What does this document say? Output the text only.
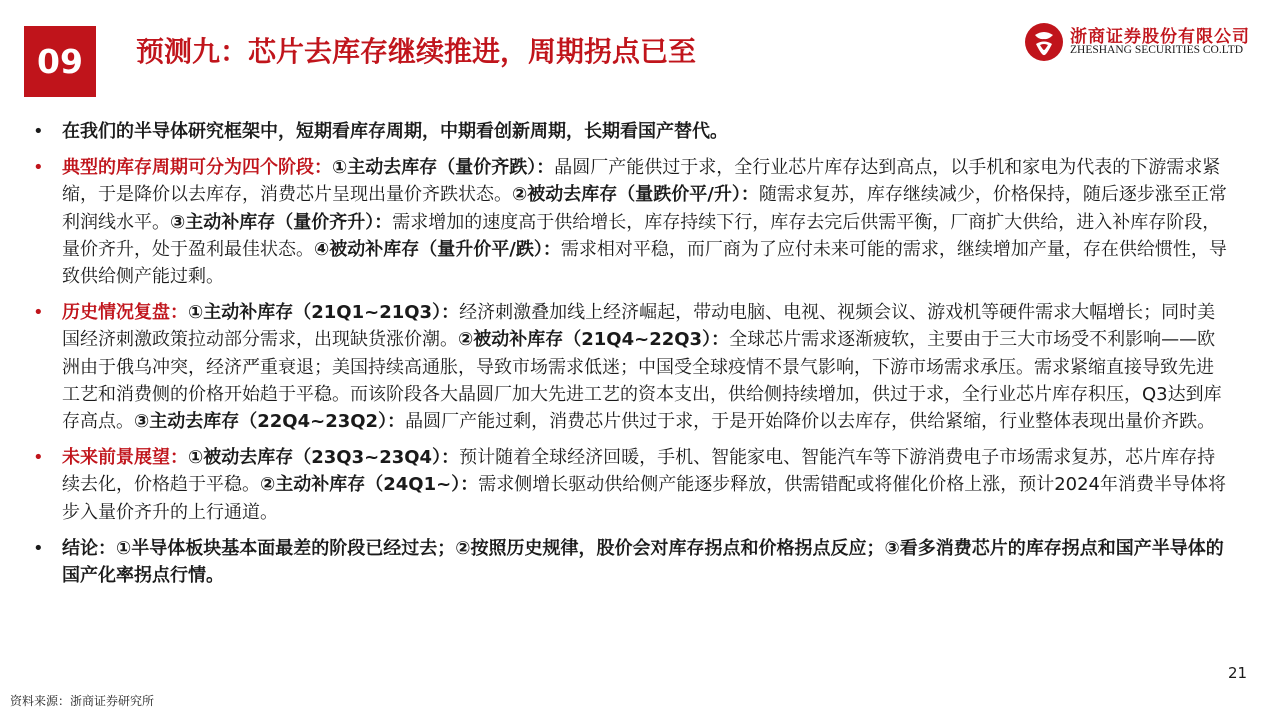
09 预测九：芯片去库存继续推进，周期拐点已至	浙商证券股份有限公司
ZHESHANG SECURITIES CO.LTD
• 在我们的半导体研究框架中，短期看库存周期，中期看创新周期，长期看国产替代。
• 典型的库存周期可分为四个阶段：①主动去库存（量价齐跌）：晶圆厂产能供过于求，全行业芯片库存达到高点，以手机和家电为代表的下游需求紧缩，于是降价以去库存，消费芯片呈现出量价齐跌状态。②被动去库存（量跌价平/升）：随需求复苏，库存继续减少，价格保持，随后逐步涨至正常利润线水平。③主动补库存（量价齐升）：需求增加的速度高于供给增长，库存持续下行，库存去完后供需平衡，厂商扩大供给，进入补库存阶段，量价齐升，处于盈利最佳状态。④被动补库存（量升价平/跌）：需求相对平稳，而厂商为了应付未来可能的需求，继续增加产量，存在供给惯性，导致供给侧产能过剩。
• 历史情况复盘：①主动补库存（21Q1~21Q3）：经济刺激叠加线上经济崛起，带动电脑、电视、视频会议、游戏机等硬件需求大幅增长；同时美国经济刺激政策拉动部分需求，出现缺货涨价潮。②被动补库存（21Q4~22Q3）：全球芯片需求逐渐疲软，主要由于三大市场受不利影响——欧洲由于俄乌冲突，经济严重衰退；美国持续高通胀，导致市场需求低迷；中国受全球疫情不景气影响，下游市场需求承压。需求紧缩直接导致先进工艺和消费侧的价格开始趋于平稳。而该阶段各大晶圆厂加大先进工艺的资本支出，供给侧持续增加，供过于求，全行业芯片库存积压，Q3达到库存高点。③主动去库存（22Q4~23Q2）：晶圆厂产能过剩，消费芯片供过于求，于是开始降价以去库存，供给紧缩，行业整体表现出量价齐跌。
• 未来前景展望：①被动去库存（23Q3~23Q4）：预计随着全球经济回暖，手机、智能家电、智能汽车等下游消费电子市场需求复苏，芯片库存持续去化，价格趋于平稳。②主动补库存（24Q1~）：需求侧增长驱动供给侧产能逐步释放，供需错配或将催化价格上涨，预计2024年消费半导体将步入量价齐升的上行通道。
• 结论：①半导体板块基本面最差的阶段已经过去；②按照历史规律，股价会对库存拐点和价格拐点反应；③看多消费芯片的库存拐点和国产半导体的国产化率拐点行情。
21
资料来源：浙商证券研究所
